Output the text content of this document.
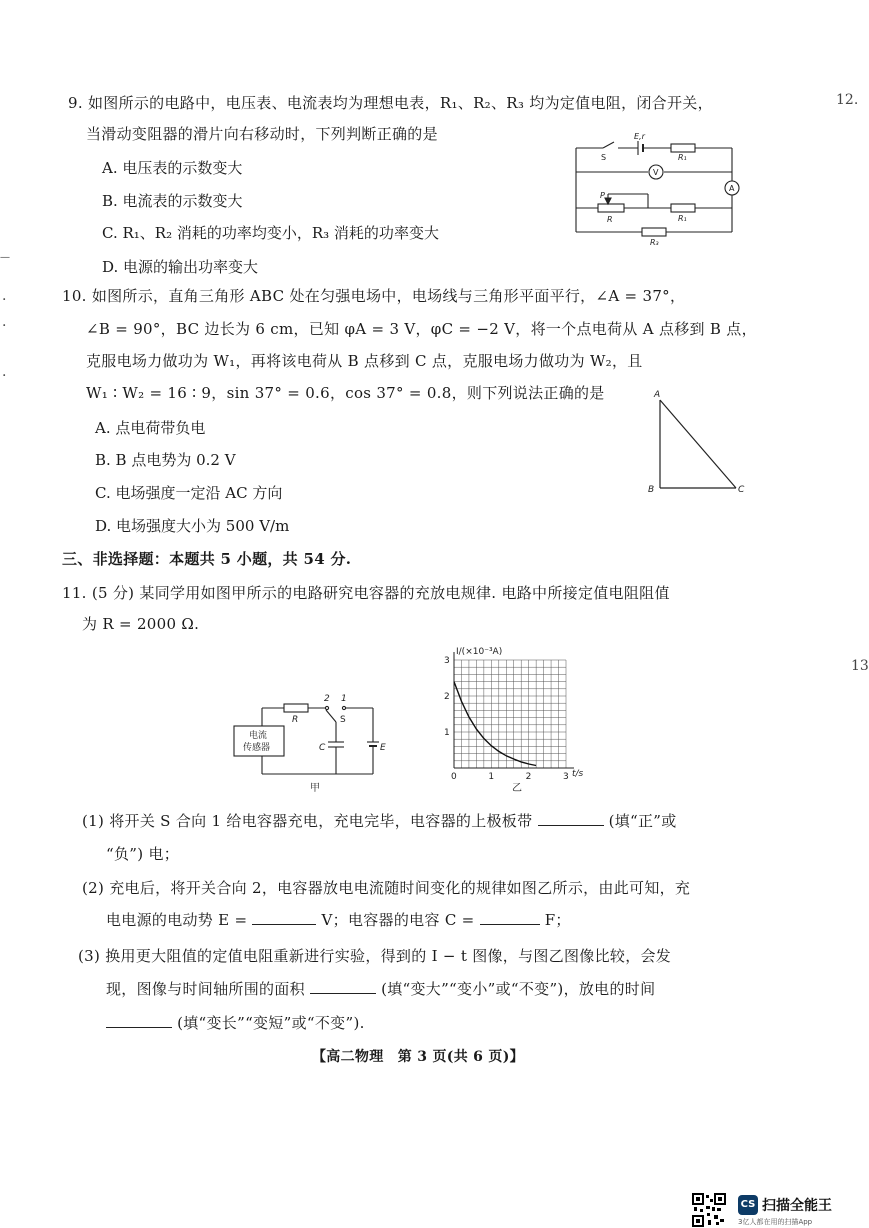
12.
13
—
·
·
·
9. 如图所示的电路中，电压表、电流表均为理想电表，R₁、R₂、R₃ 均为定值电阻，闭合开关，
当滑动变阻器的滑片向右移动时，下列判断正确的是
A. 电压表的示数变大
B. 电流表的示数变大
C. R₁、R₂ 消耗的功率均变小，R₃ 消耗的功率变大
D. 电源的输出功率变大
S
E,r
R₁
V
A
P
R	R₁
R₃
10. 如图所示，直角三角形 ABC 处在匀强电场中，电场线与三角形平面平行，∠A = 37°，
∠B = 90°，BC 边长为 6 cm，已知 φA = 3 V，φC = −2 V，将一个点电荷从 A 点移到 B 点，
克服电场力做功为 W₁，再将该电荷从 B 点移到 C 点，克服电场力做功为 W₂，且
W₁ ∶ W₂ = 16 ∶ 9，sin 37° = 0.6，cos 37° = 0.8，则下列说法正确的是
A. 点电荷带负电
B. B 点电势为 0.2 V
C. 电场强度一定沿 AC 方向
D. 电场强度大小为 500 V/m
A
B	C
三、非选择题：本题共 5 小题，共 54 分.
11. (5 分) 某同学用如图甲所示的电路研究电容器的充放电规律. 电路中所接定值电阻阻值
为 R = 2000 Ω.
电流
传感器
R
2 1
S
C	E
甲
0	1	2	3
3
2
1
I/(×10⁻³A)
t/s
乙
(1) 将开关 S 合向 1 给电容器充电，充电完毕，电容器的上极板带	(填“正”或
“负”) 电；
(2) 充电后，将开关合向 2，电容器放电电流随时间变化的规律如图乙所示，由此可知，充
电电源的电动势 E =	V；电容器的电容 C =	F；
(3) 换用更大阻值的定值电阻重新进行实验，得到的 I − t 图像，与图乙图像比较，会发
现，图像与时间轴所围的面积	(填“变大”“变小”或“不变”)，放电的时间
(填“变长”“变短”或“不变”).
【高二物理　第 3 页(共 6 页)】
CS 扫描全能王
3亿人都在用的扫描App
